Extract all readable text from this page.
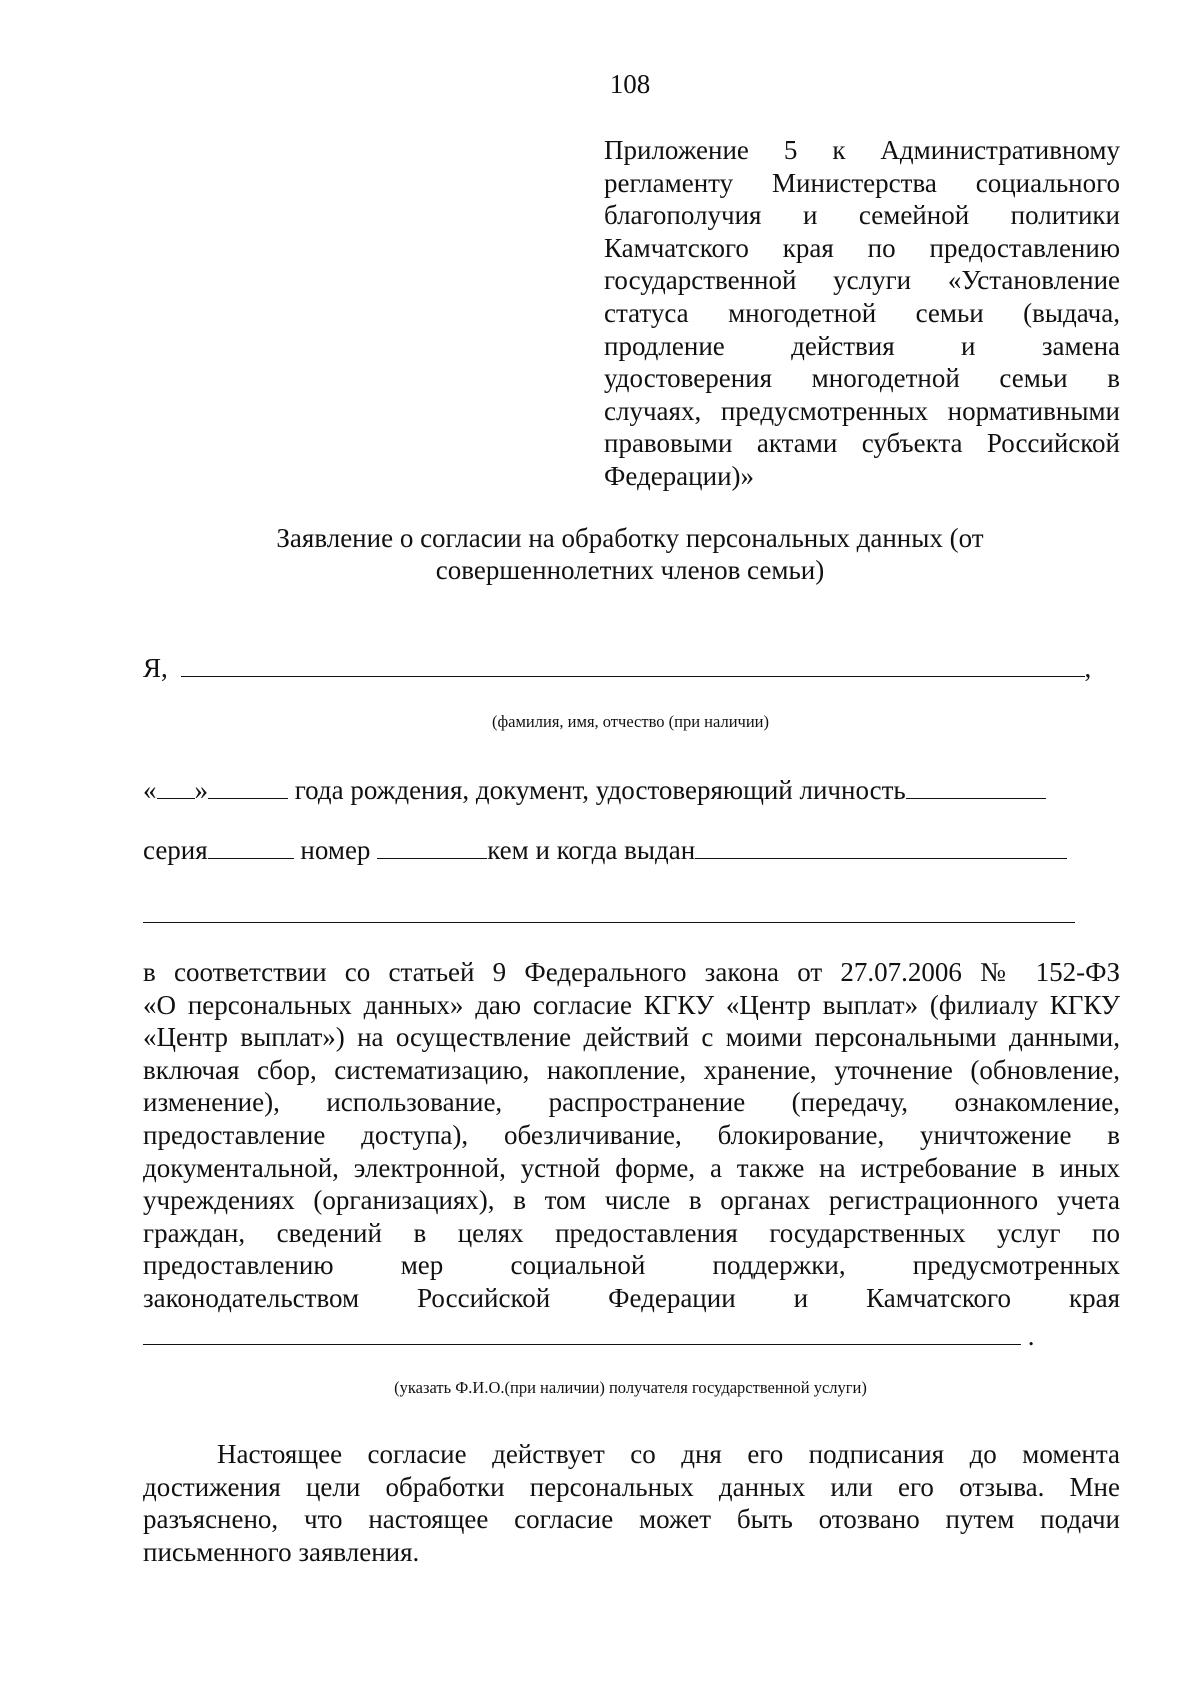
108
Приложение 5 к Административному
регламенту Министерства социального
благополучия и семейной политики
Камчатского края по предоставлению
государственной услуги «Установление
статуса многодетной семьи (выдача,
продление действия и замена
удостоверения многодетной семьи в
случаях, предусмотренных нормативными
правовыми актами субъекта Российской
Федерации)»
Заявление о согласии на обработку персональных данных (от
совершеннолетних членов семьи)
Я,	,
(фамилия, имя, отчество (при наличии)
« »	года рождения, документ, удостоверяющий личность
серия	номер	кем и когда выдан
в соответствии со статьей 9 Федерального закона от 27.07.2006 № 152-ФЗ
«О персональных данных» даю согласие КГКУ «Центр выплат» (филиалу КГКУ
«Центр выплат») на осуществление действий с моими персональными данными,
включая сбор, систематизацию, накопление, хранение, уточнение (обновление,
изменение), использование, распространение (передачу, ознакомление,
предоставление доступа), обезличивание, блокирование, уничтожение в
документальной, электронной, устной форме, а также на истребование в иных
учреждениях (организациях), в том числе в органах регистрационного учета
граждан, сведений в целях предоставления государственных услуг по
предоставлению мер социальной поддержки, предусмотренных
законодательством Российской Федерации и Камчатского края
.
(указать Ф.И.О.(при наличии) получателя государственной услуги)
Настоящее согласие действует со дня его подписания до момента
достижения цели обработки персональных данных или его отзыва. Мне
разъяснено, что настоящее согласие может быть отозвано путем подачи
письменного заявления.
